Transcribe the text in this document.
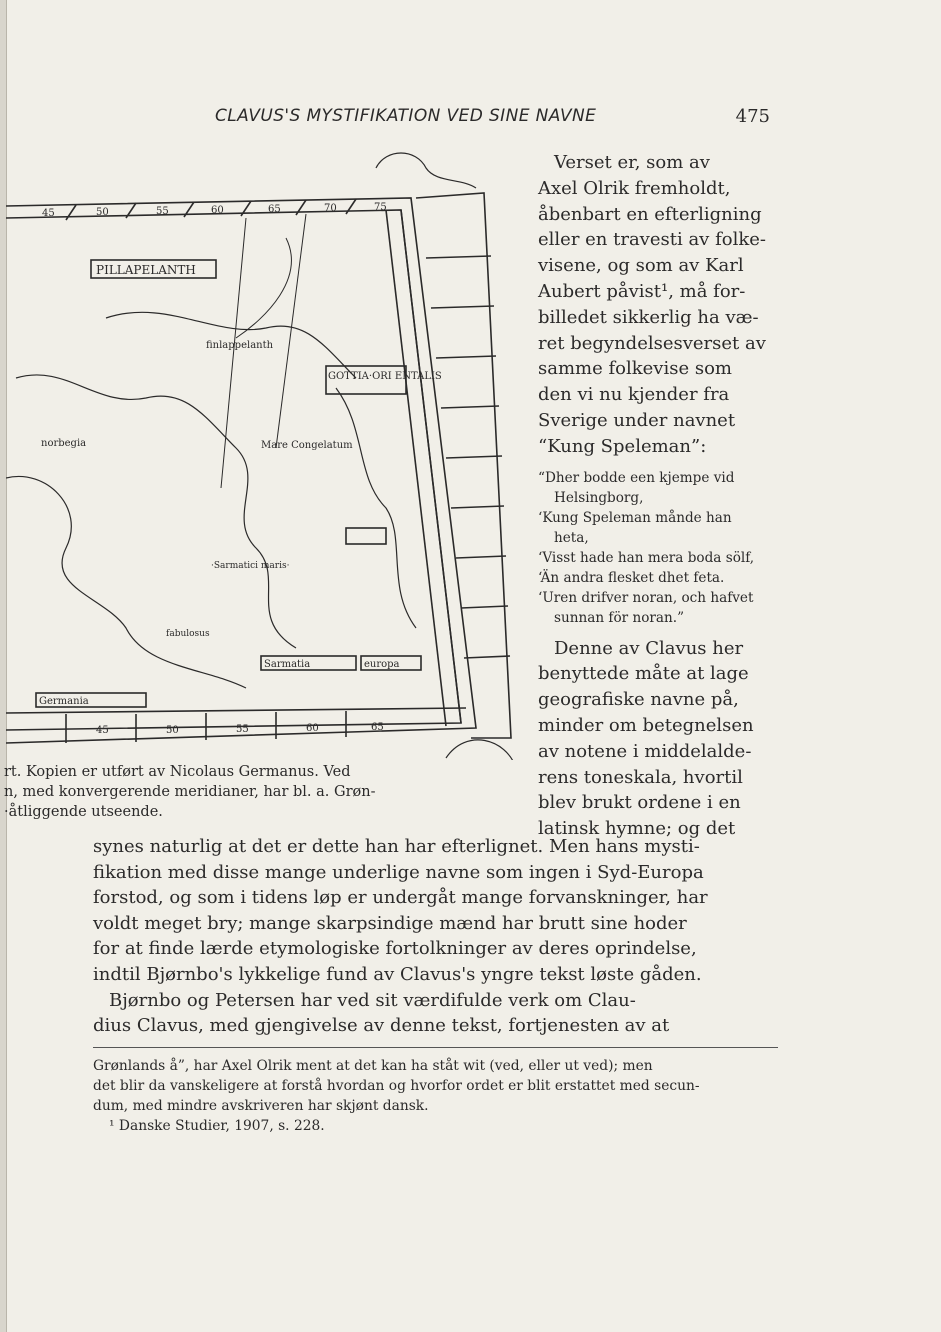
CLAVUS'S MYSTIFIKATION VED SINE NAVNE	475
PILLAPELANTH
GOTTIA·ORI ENTALIS
Mare Congelatum
Sarmatia	europa
Germania
finlappelanth
norbegia
·Sarmatici maris·
fabulosus
45	50	55	60	65	70	75
45	50	55	60	65
rt. Kopien er utført av Nicolaus Germanus. Ved
n, med konvergerende meridianer, har bl. a. Grøn-
·åtliggende utseende.
Verset er, som av
Axel Olrik fremholdt,
åbenbart en efterligning
eller en travesti av folke-
visene, og som av Karl
Aubert påvist¹, må for-
billedet sikkerlig ha væ-
ret begyndelsesverset av
samme folkevise som
den vi nu kjender fra
Sverige under navnet
“Kung Speleman”:
“Dher bodde een kjempe vid
Helsingborg,
‘Kung Speleman månde han
heta,
‘Visst hade han mera boda sölf,
‘Än andra flesket dhet feta.
‘Uren drifver noran, och hafvet
sunnan för noran.”
Denne av Clavus her
benyttede måte at lage
geografiske navne på,
minder om betegnelsen
av notene i middelalde-
rens toneskala, hvortil
blev brukt ordene i en
latinsk hymne; og det
synes naturlig at det er dette han har efterlignet. Men hans mysti-
fikation med disse mange underlige navne som ingen i Syd-Europa
forstod, og som i tidens løp er undergåt mange forvanskninger, har
voldt meget bry; mange skarpsindige mænd har brutt sine hoder
for at finde lærde etymologiske fortolkninger av deres oprindelse,
indtil Bjørnbo's lykkelige fund av Clavus's yngre tekst løste gåden.
Bjørnbo og Petersen har ved sit værdifulde verk om Clau-
dius Clavus, med gjengivelse av denne tekst, fortjenesten av at
Grønlands å”, har Axel Olrik ment at det kan ha ståt wit (ved, eller ut ved); men
det blir da vanskeligere at forstå hvordan og hvorfor ordet er blit erstattet med secun-
dum, med mindre avskriveren har skjønt dansk.
¹ Danske Studier, 1907, s. 228.
